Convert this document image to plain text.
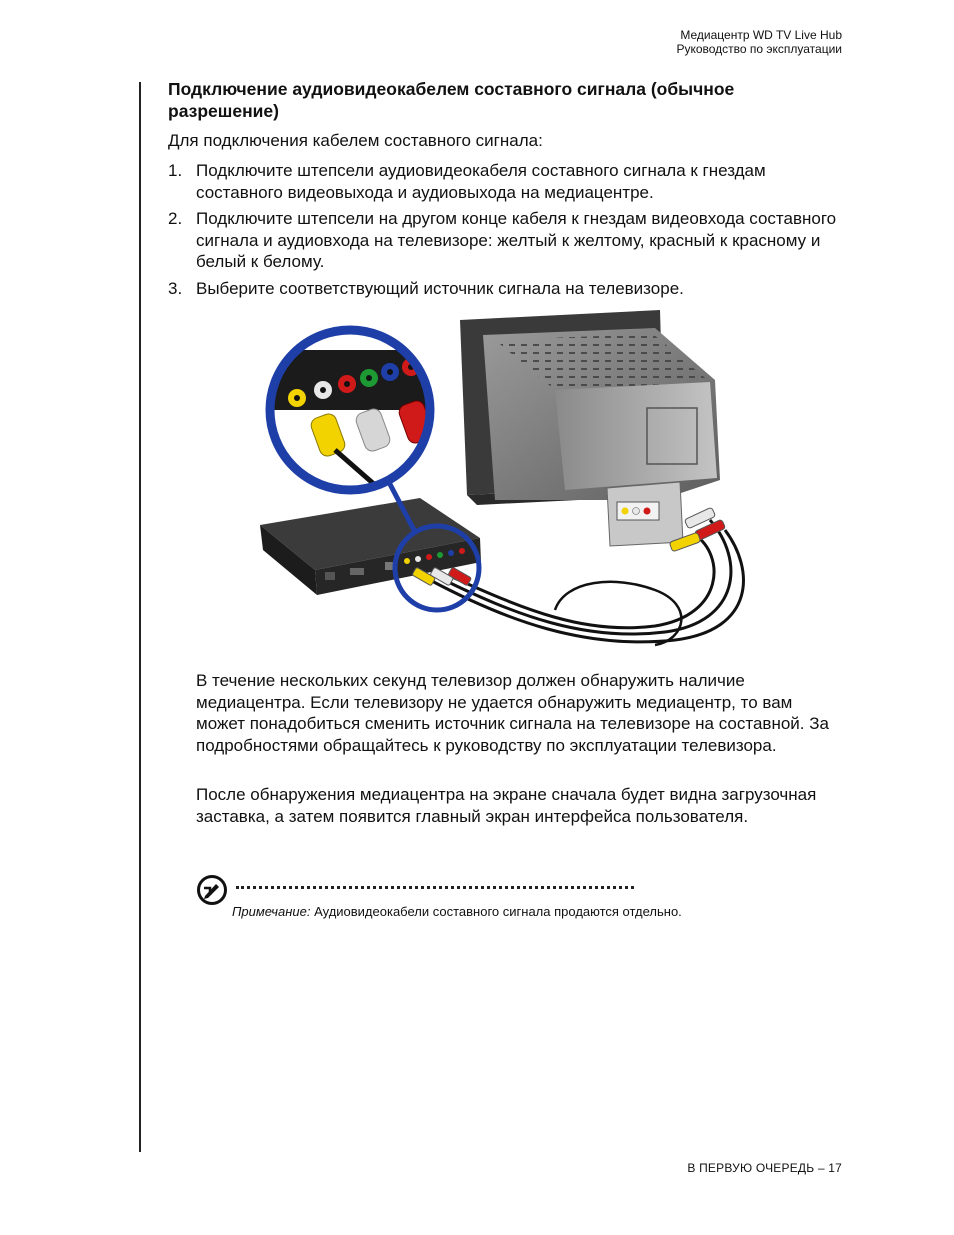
Медиацентр WD TV Live Hub
Руководство по эксплуатации
Подключение аудиовидеокабелем составного сигнала (обычное разрешение)

Для подключения кабелем составного сигнала:

1. Подключите штепсели аудиовидеокабеля составного сигнала к гнездам составного видеовыхода и аудиовыхода на медиацентре.
2. Подключите штепсели на другом конце кабеля к гнездам видеовхода составного сигнала и аудиовхода на телевизоре: желтый к желтому, красный к красному и белый к белому.
3. Выберите соответствующий источник сигнала на телевизоре.

В течение нескольких секунд телевизор должен обнаружить наличие медиацентра. Если телевизору не удается обнаружить медиацентр, то вам может понадобиться сменить источник сигнала на телевизоре на составной. За подробностями обращайтесь к руководству по эксплуатации телевизора.

После обнаружения медиацентра на экране сначала будет видна загрузочная заставка, а затем появится главный экран интерфейса пользователя.

Примечание: Аудиовидеокабели составного сигнала продаются отдельно.
В ПЕРВУЮ ОЧЕРЕДЬ – 17
